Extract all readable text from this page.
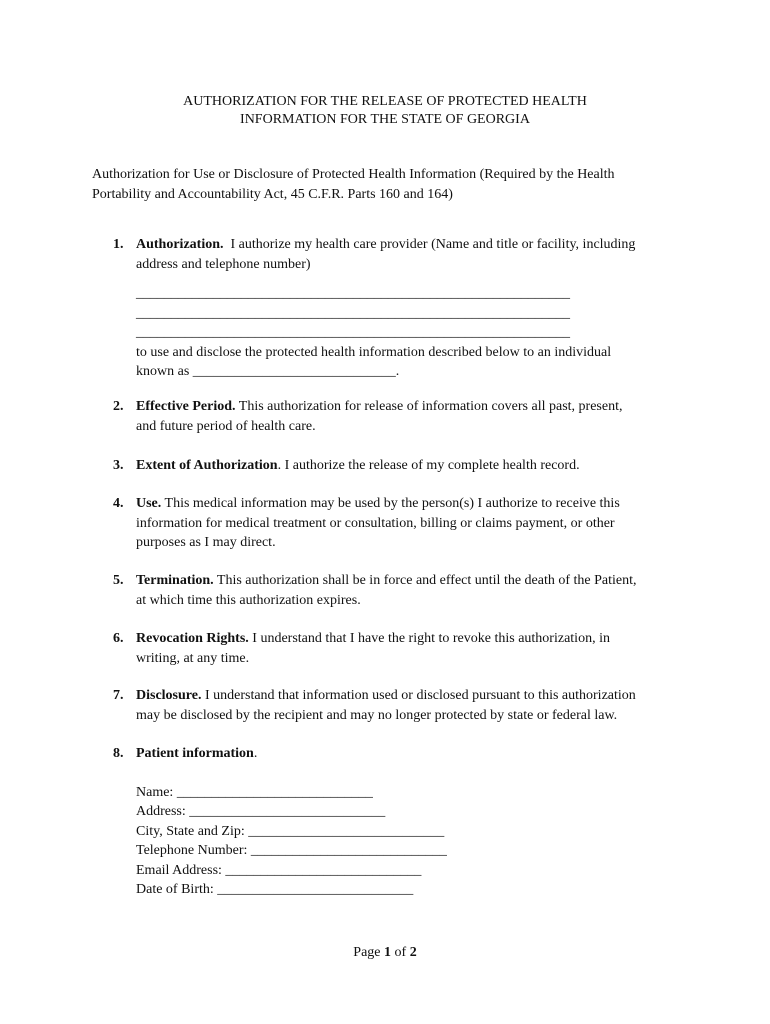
AUTHORIZATION FOR THE RELEASE OF PROTECTED HEALTH
INFORMATION FOR THE STATE OF GEORGIA
Authorization for Use or Disclosure of Protected Health Information (Required by the Health
Portability and Accountability Act, 45 C.F.R. Parts 160 and 164)
1. Authorization.  I authorize my health care provider (Name and title or facility, including
address and telephone number)
______________________________________________________________
______________________________________________________________
______________________________________________________________
to use and disclose the protected health information described below to an individual
known as _____________________________.
2. Effective Period. This authorization for release of information covers all past, present,
and future period of health care.
3. Extent of Authorization. I authorize the release of my complete health record.
4. Use. This medical information may be used by the person(s) I authorize to receive this
information for medical treatment or consultation, billing or claims payment, or other
purposes as I may direct.
5. Termination. This authorization shall be in force and effect until the death of the Patient,
at which time this authorization expires.
6. Revocation Rights. I understand that I have the right to revoke this authorization, in
writing, at any time.
7. Disclosure. I understand that information used or disclosed pursuant to this authorization
may be disclosed by the recipient and may no longer protected by state or federal law.
8. Patient information.
Name: ____________________________
Address: ____________________________
City, State and Zip: ____________________________
Telephone Number: ____________________________
Email Address: ____________________________
Date of Birth: ____________________________
Page 1 of 2
